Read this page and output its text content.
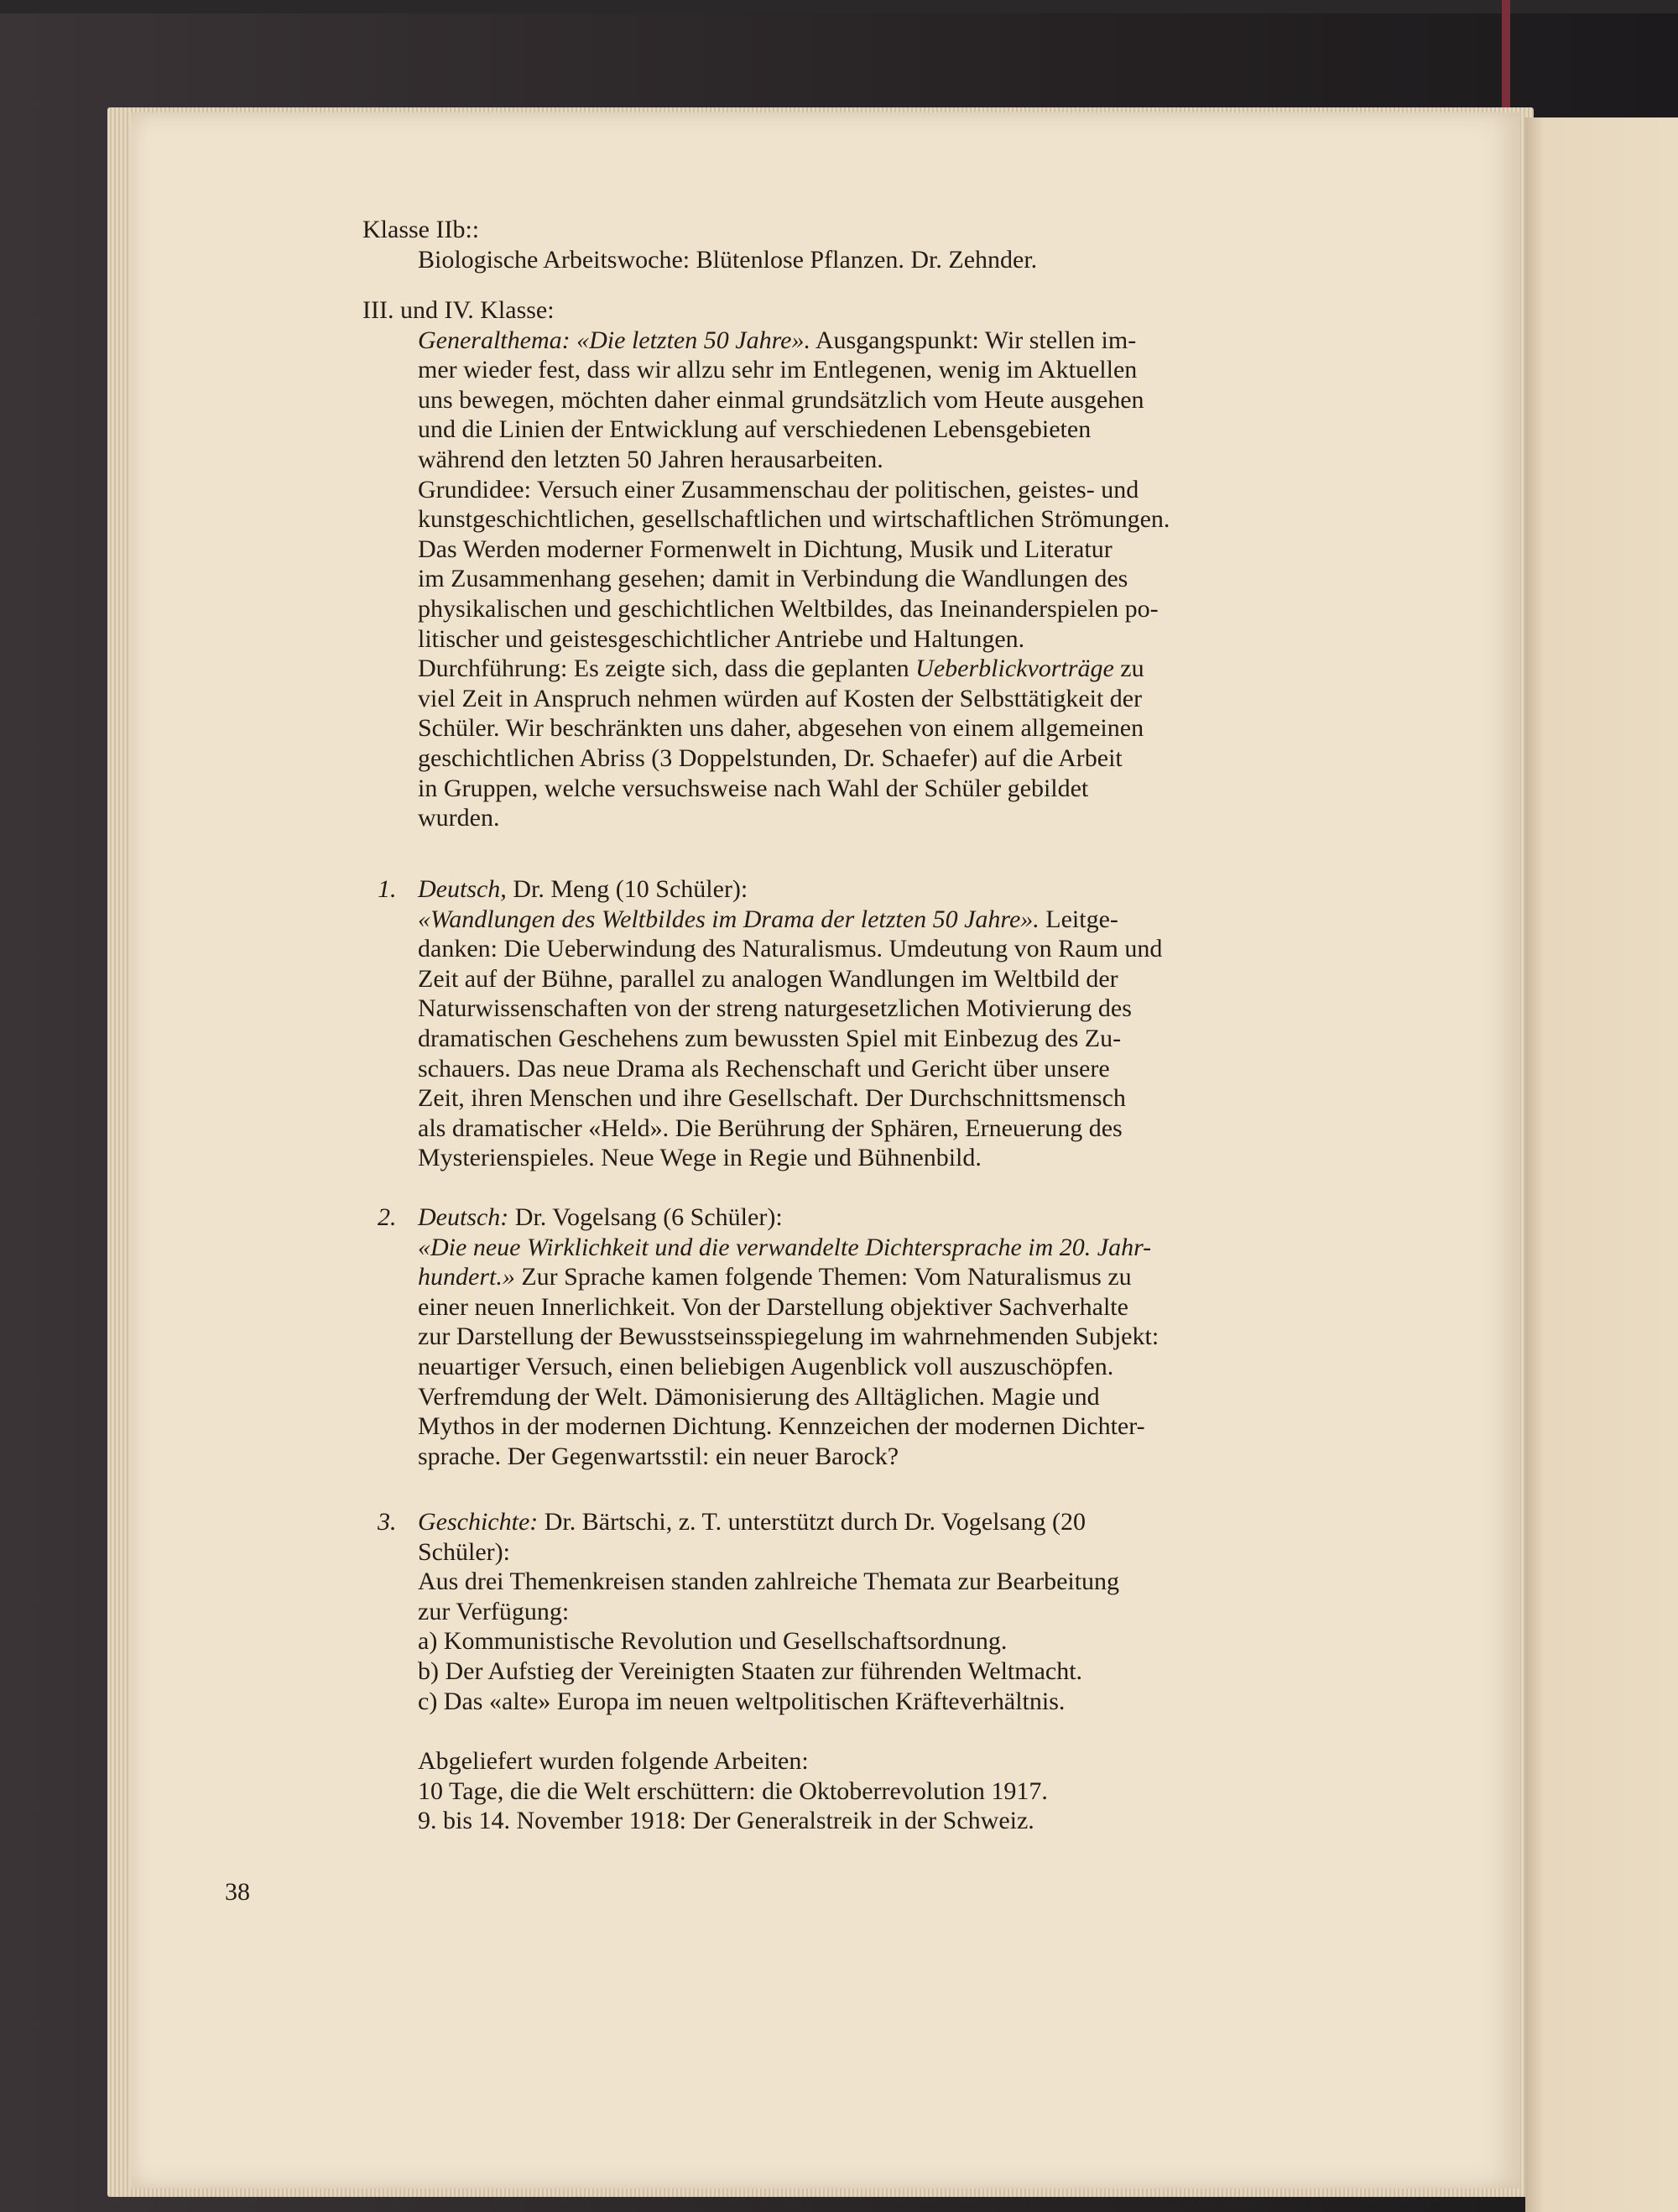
Klasse IIb::
Biologische Arbeitswoche: Blütenlose Pflanzen. Dr. Zehnder.
III. und IV. Klasse:
Generalthema: «Die letzten 50 Jahre». Ausgangspunkt: Wir stellen im-
mer wieder fest, dass wir allzu sehr im Entlegenen, wenig im Aktuellen
uns bewegen, möchten daher einmal grundsätzlich vom Heute ausgehen
und die Linien der Entwicklung auf verschiedenen Lebensgebieten
während den letzten 50 Jahren herausarbeiten.
Grundidee: Versuch einer Zusammenschau der politischen, geistes- und
kunstgeschichtlichen, gesellschaftlichen und wirtschaftlichen Strömungen.
Das Werden moderner Formenwelt in Dichtung, Musik und Literatur
im Zusammenhang gesehen; damit in Verbindung die Wandlungen des
physikalischen und geschichtlichen Weltbildes, das Ineinanderspielen po-
litischer und geistesgeschichtlicher Antriebe und Haltungen.
Durchführung: Es zeigte sich, dass die geplanten Ueberblickvorträge zu
viel Zeit in Anspruch nehmen würden auf Kosten der Selbsttätigkeit der
Schüler. Wir beschränkten uns daher, abgesehen von einem allgemeinen
geschichtlichen Abriss (3 Doppelstunden, Dr. Schaefer) auf die Arbeit
in Gruppen, welche versuchsweise nach Wahl der Schüler gebildet
wurden.
1. Deutsch, Dr. Meng (10 Schüler):
«Wandlungen des Weltbildes im Drama der letzten 50 Jahre». Leitge-
danken: Die Ueberwindung des Naturalismus. Umdeutung von Raum und
Zeit auf der Bühne, parallel zu analogen Wandlungen im Weltbild der
Naturwissenschaften von der streng naturgesetzlichen Motivierung des
dramatischen Geschehens zum bewussten Spiel mit Einbezug des Zu-
schauers. Das neue Drama als Rechenschaft und Gericht über unsere
Zeit, ihren Menschen und ihre Gesellschaft. Der Durchschnittsmensch
als dramatischer «Held». Die Berührung der Sphären, Erneuerung des
Mysterienspieles. Neue Wege in Regie und Bühnenbild.
2. Deutsch: Dr. Vogelsang (6 Schüler):
«Die neue Wirklichkeit und die verwandelte Dichtersprache im 20. Jahr-
hundert.» Zur Sprache kamen folgende Themen: Vom Naturalismus zu
einer neuen Innerlichkeit. Von der Darstellung objektiver Sachverhalte
zur Darstellung der Bewusstseinsspiegelung im wahrnehmenden Subjekt:
neuartiger Versuch, einen beliebigen Augenblick voll auszuschöpfen.
Verfremdung der Welt. Dämonisierung des Alltäglichen. Magie und
Mythos in der modernen Dichtung. Kennzeichen der modernen Dichter-
sprache. Der Gegenwartsstil: ein neuer Barock?
3. Geschichte: Dr. Bärtschi, z. T. unterstützt durch Dr. Vogelsang (20
Schüler):
Aus drei Themenkreisen standen zahlreiche Themata zur Bearbeitung
zur Verfügung:
a) Kommunistische Revolution und Gesellschaftsordnung.
b) Der Aufstieg der Vereinigten Staaten zur führenden Weltmacht.
c) Das «alte» Europa im neuen weltpolitischen Kräfteverhältnis.
Abgeliefert wurden folgende Arbeiten:
10 Tage, die die Welt erschüttern: die Oktoberrevolution 1917.
9. bis 14. November 1918: Der Generalstreik in der Schweiz.
38
